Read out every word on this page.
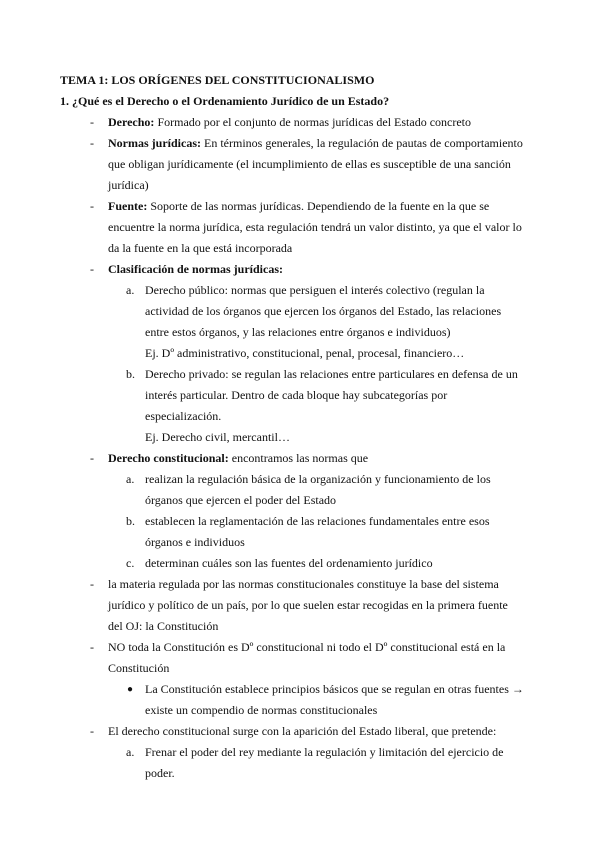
TEMA 1: LOS ORÍGENES DEL CONSTITUCIONALISMO
1. ¿Qué es el Derecho o el Ordenamiento Jurídico de un Estado?
- Derecho: Formado por el conjunto de normas jurídicas del Estado concreto
- Normas jurídicas: En términos generales, la regulación de pautas de comportamiento
que obligan jurídicamente (el incumplimiento de ellas es susceptible de una sanción
jurídica)
- Fuente: Soporte de las normas jurídicas. Dependiendo de la fuente en la que se
encuentre la norma jurídica, esta regulación tendrá un valor distinto, ya que el valor lo
da la fuente en la que está incorporada
- Clasificación de normas jurídicas:
a. Derecho público: normas que persiguen el interés colectivo (regulan la
actividad de los órganos que ejercen los órganos del Estado, las relaciones
entre estos órganos, y las relaciones entre órganos e individuos)
Ej. Dº administrativo, constitucional, penal, procesal, financiero…
b. Derecho privado: se regulan las relaciones entre particulares en defensa de un
interés particular. Dentro de cada bloque hay subcategorías por
especialización.
Ej. Derecho civil, mercantil…
- Derecho constitucional: encontramos las normas que
a. realizan la regulación básica de la organización y funcionamiento de los
órganos que ejercen el poder del Estado
b. establecen la reglamentación de las relaciones fundamentales entre esos
órganos e individuos
c. determinan cuáles son las fuentes del ordenamiento jurídico
- la materia regulada por las normas constitucionales constituye la base del sistema
jurídico y político de un país, por lo que suelen estar recogidas en la primera fuente
del OJ: la Constitución
- NO toda la Constitución es Dº constitucional ni todo el Dº constitucional está en la
Constitución
● La Constitución establece principios básicos que se regulan en otras fuentes →
existe un compendio de normas constitucionales
- El derecho constitucional surge con la aparición del Estado liberal, que pretende:
a. Frenar el poder del rey mediante la regulación y limitación del ejercicio de
poder.
